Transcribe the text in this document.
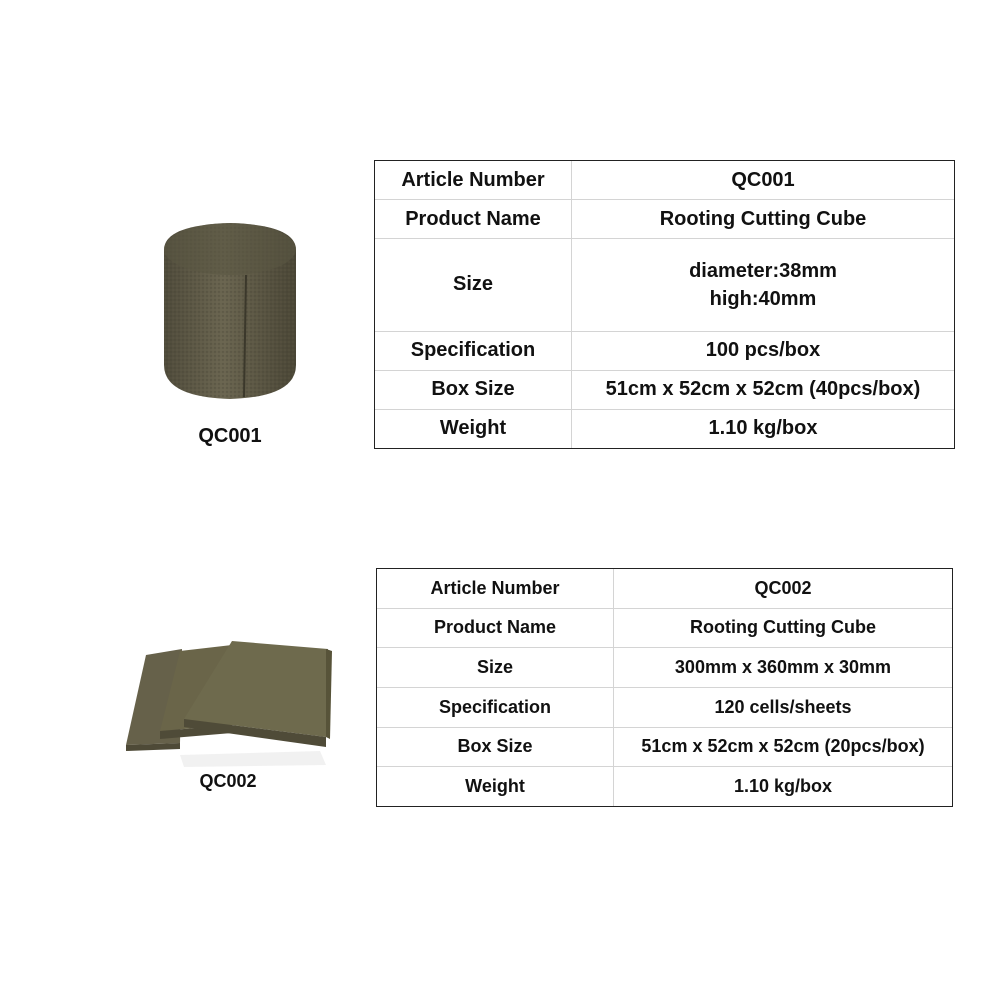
QC001
Article Number	QC001
Product Name	Rooting Cutting Cube
Size	diameter:38mm
high:40mm
Specification	100 pcs/box
Box Size	51cm x 52cm x 52cm (40pcs/box)
Weight	1.10 kg/box
QC002
Article Number	QC002
Product Name	Rooting Cutting Cube
Size	300mm x 360mm x 30mm
Specification	120 cells/sheets
Box Size	51cm x 52cm x 52cm (20pcs/box)
Weight	1.10 kg/box
